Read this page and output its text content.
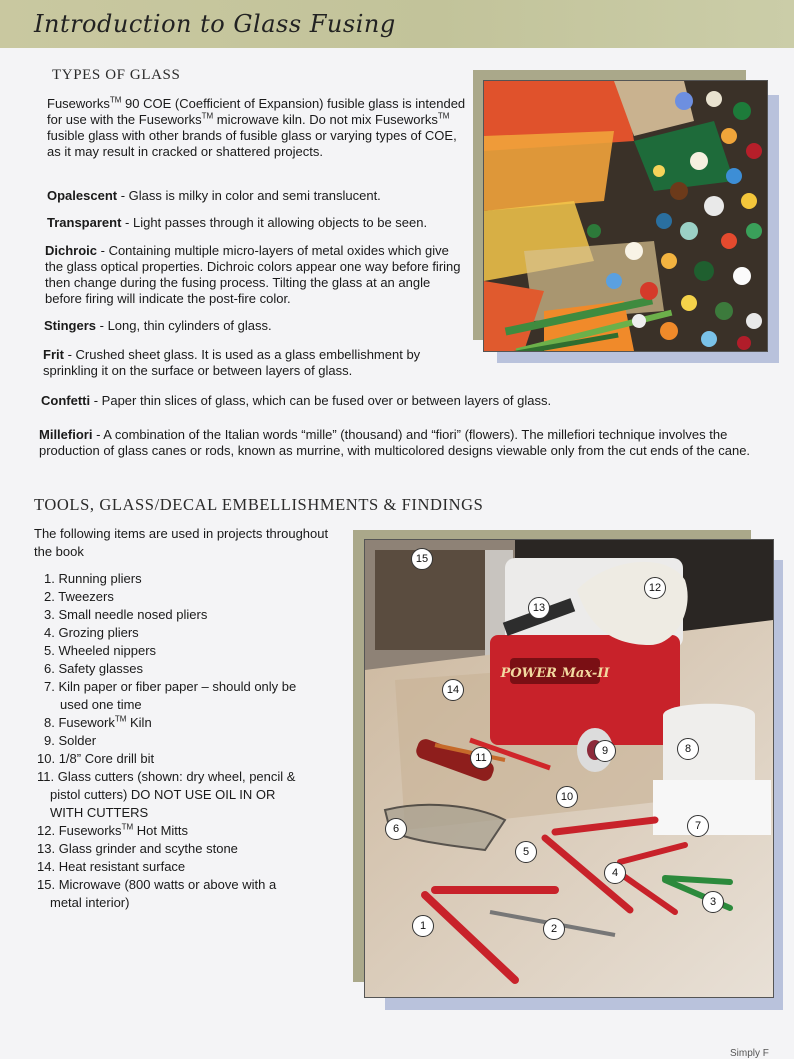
Introduction to Glass Fusing
TYPES OF GLASS
Fuseworks™ 90 COE (Coefficient of Expansion) fusible glass is intended for use with the Fuseworks™ microwave kiln. Do not mix Fuseworks™ fusible glass with other brands of fusible glass or varying types of COE, as it may result in cracked or shattered projects.
Opalescent - Glass is milky in color and semi translucent.
Transparent - Light passes through it allowing objects to be seen.
Dichroic - Containing multiple micro-layers of metal oxides which give the glass optical properties. Dichroic colors appear one way before firing then change during the fusing process. Tilting the glass at an angle before firing will indicate the post-fire color.
Stingers - Long, thin cylinders of glass.
Frit - Crushed sheet glass. It is used as a glass embellishment by sprinkling it on the surface or between layers of glass.
Confetti - Paper thin slices of glass, which can be fused over or between layers of glass.
Millefiori - A combination of the Italian words “mille” (thousand) and “fiori” (flowers). The millefiori technique involves the production of glass canes or rods, known as murrine, with multicolored designs viewable only from the cut ends of the cane.
TOOLS, GLASS/DECAL EMBELLISHMENTS & FINDINGS
The following items are used in projects throughout the book
1. Running pliers
2. Tweezers
3. Small needle nosed pliers
4. Grozing pliers
5. Wheeled nippers
6. Safety glasses
7. Kiln paper or fiber paper – should only be
used one time
8. Fusework™ Kiln
9. Solder
10. 1/8” Core drill bit
11. Glass cutters (shown: dry wheel, pencil &
pistol cutters) DO NOT USE OIL IN OR
WITH CUTTERS
12. Fuseworks™ Hot Mitts
13. Glass grinder and scythe stone
14. Heat resistant surface
15. Microwave (800 watts or above with a
metal interior)
POWER Max-II
1	2
3
4
5
6	7
8
9
10
11
12
13
14
15
Simply F
